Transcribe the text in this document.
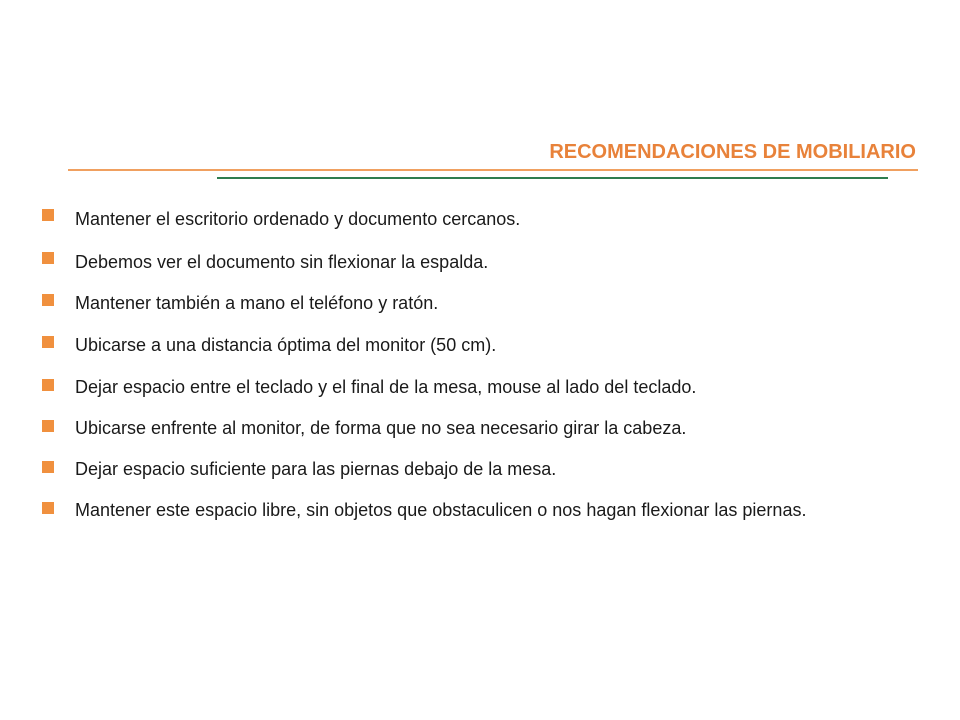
RECOMENDACIONES DE MOBILIARIO
Mantener el escritorio ordenado y documento cercanos.
Debemos ver el documento sin flexionar la espalda.
Mantener también a mano el teléfono y ratón.
Ubicarse a una distancia óptima del monitor (50 cm).
Dejar espacio entre el teclado y el final de la mesa, mouse al lado del teclado.
Ubicarse enfrente al monitor, de forma que no sea necesario girar la cabeza.
Dejar espacio suficiente para las piernas debajo de la mesa.
Mantener este espacio libre, sin objetos que obstaculicen o nos hagan flexionar las piernas.
